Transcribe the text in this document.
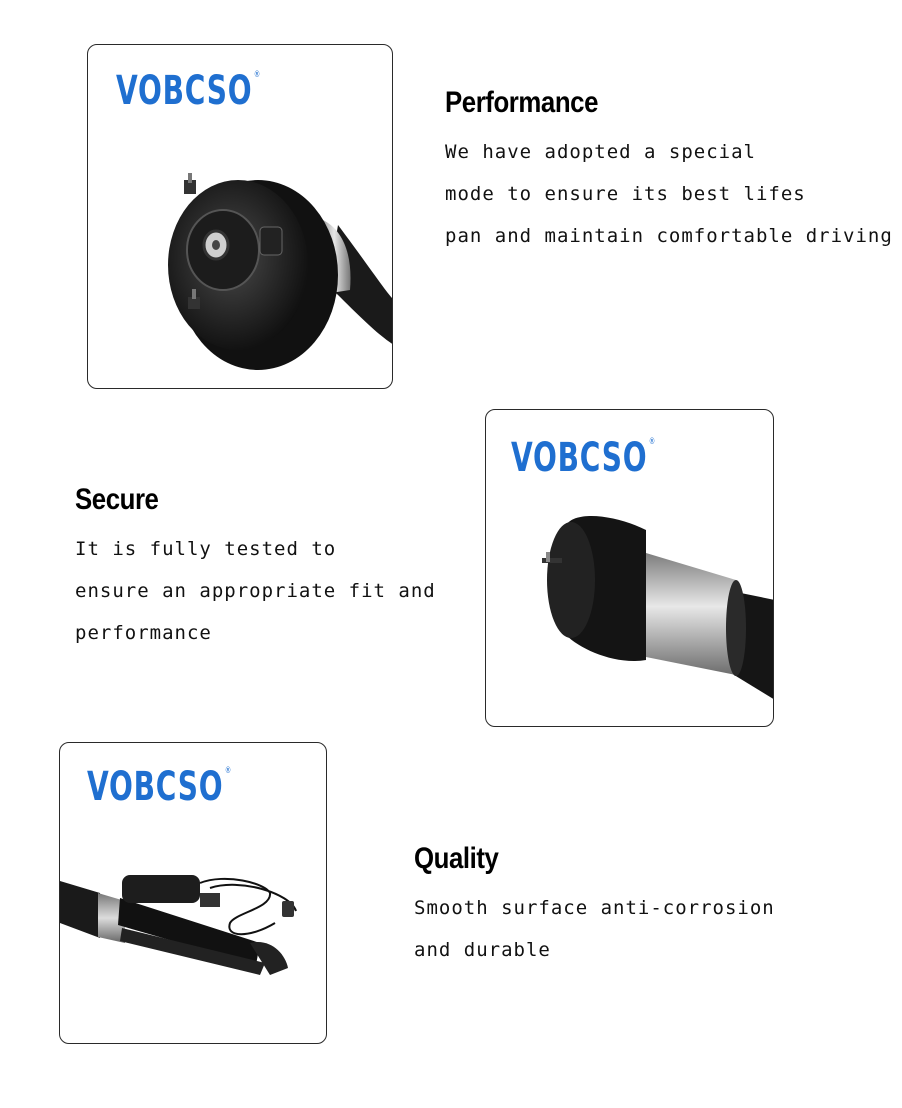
VOBCSO ®
Performance
We have adopted a special
mode to ensure its best lifes
pan and maintain comfortable driving
VOBCSO ®
Secure
It is fully tested to
ensure an appropriate fit and
performance
VOBCSO ®
Quality
Smooth surface anti-corrosion
and durable
